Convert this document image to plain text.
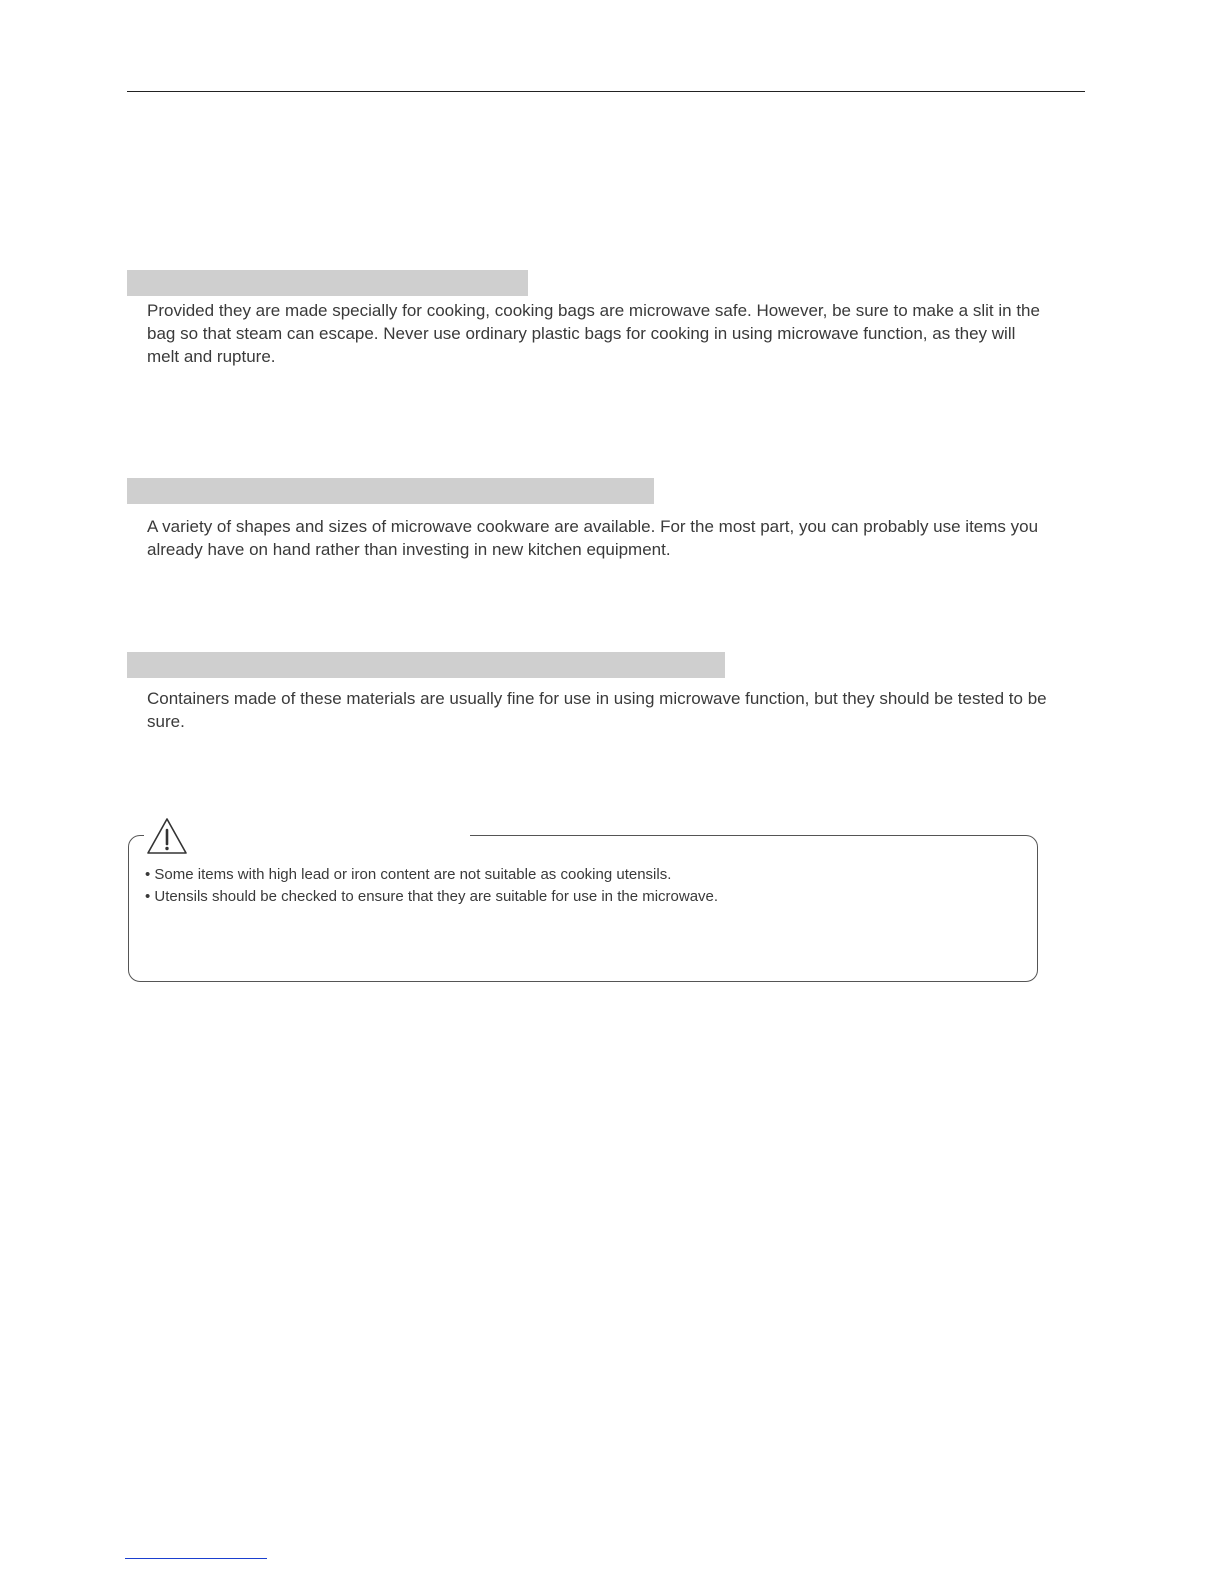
Provided they are made specially for cooking, cooking bags are microwave safe. However, be sure to make a slit in the bag so that steam can escape. Never use ordinary plastic bags for cooking in using microwave function, as they will melt and rupture.

A variety of shapes and sizes of microwave cookware are available. For the most part, you can probably use items you already have on hand rather than investing in new kitchen equipment.

Containers made of these materials are usually fine for use in using microwave function, but they should be tested to be sure.

• Some items with high lead or iron content are not suitable as cooking utensils.
• Utensils should be checked to ensure that they are suitable for use in the microwave.
